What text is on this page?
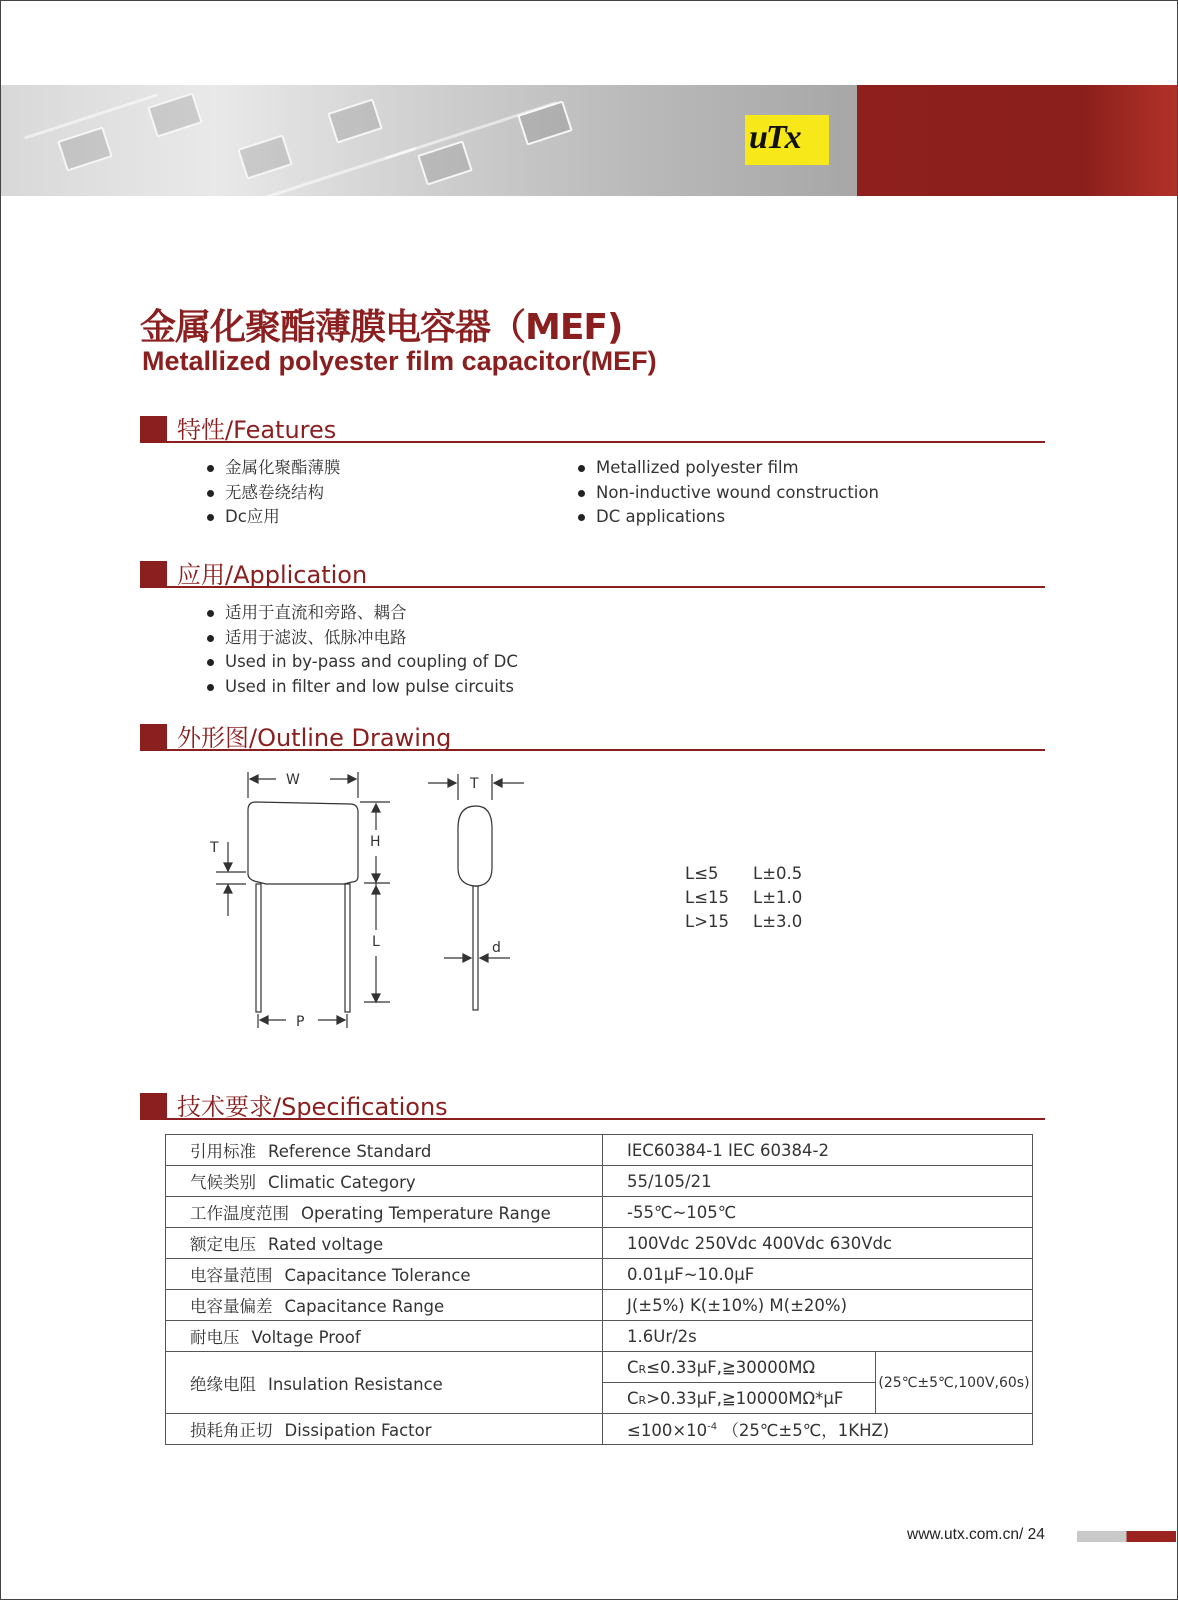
MEF
uTx
金属化聚酯薄膜电容器（MEF)
Metallized polyester film capacitor(MEF)
特性/Features
金属化聚酯薄膜
无感卷绕结构
Dc应用
Metallized polyester film
Non-inductive wound construction
DC applications
应用/Application
适用于直流和旁路、耦合
适用于滤波、低脉冲电路
Used in by-pass and coupling of DC
Used in filter and low pulse circuits
外形图/Outline Drawing
W
H
L
T
P
T
d
L≤5	L±0.5
L≤15	L±1.0
L>15	L±3.0
技术要求/Specifications
引用标准 Reference Standard	IEC60384-1 IEC 60384-2	
气候类别 Climatic Category	55/105/21	
工作温度范围 Operating Temperature Range	-55℃~105℃	
额定电压 Rated voltage	100Vdc 250Vdc 400Vdc 630Vdc	
电容量范围 Capacitance Tolerance	0.01μF~10.0μF	
电容量偏差 Capacitance Range	J(±5%) K(±10%) M(±20%)	
耐电压 Voltage Proof	1.6Ur/2s	
绝缘电阻 Insulation Resistance	CR≤0.33μF,≧30000MΩ	(25℃±5℃,100V,60s)
	CR>0.33μF,≧10000MΩ*μF	
损耗角正切 Dissipation Factor	$\le 100\times 10^{-4}$ （25℃±5℃，1KHZ)	
www.utx.com.cn/ 24
